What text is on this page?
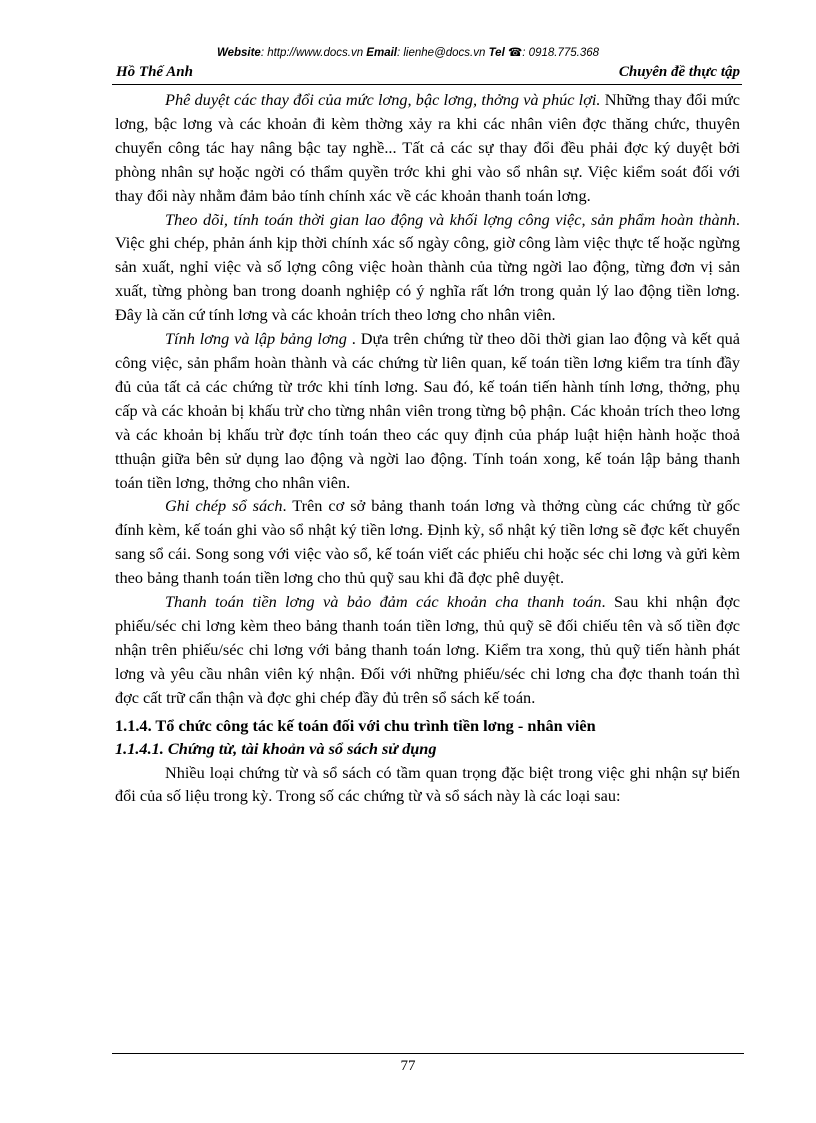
Website: http://www.docs.vn Email: lienhe@docs.vn Tel ☎: 0918.775.368
Hồ Thế Anh	Chuyên đề thực tập

Phê duyệt các thay đổi của mức lơng, bậc lơng, thởng và phúc lợi. Những thay đổi mức lơng, bậc lơng và các khoản đi kèm thờng xảy ra khi các nhân viên đợc thăng chức, thuyên chuyển công tác hay nâng bậc tay nghề... Tất cả các sự thay đổi đều phải đợc ký duyệt bởi phòng nhân sự hoặc ngời có thẩm quyền trớc khi ghi vào sổ nhân sự. Việc kiểm soát đối với thay đổi này nhằm đảm bảo tính chính xác về các khoản thanh toán lơng.

Theo dõi, tính toán thời gian lao động và khối lợng công việc, sản phẩm hoàn thành. Việc ghi chép, phản ánh kịp thời chính xác số ngày công, giờ công làm việc thực tế hoặc ngừng sản xuất, nghỉ việc và số lợng công việc hoàn thành của từng ngời lao động, từng đơn vị sản xuất, từng phòng ban trong doanh nghiệp có ý nghĩa rất lớn trong quản lý lao động tiền lơng. Đây là căn cứ tính lơng và các khoản trích theo lơng cho nhân viên.

Tính lơng và lập bảng lơng . Dựa trên chứng từ theo dõi thời gian lao động và kết quả công việc, sản phẩm hoàn thành và các chứng từ liên quan, kế toán tiền lơng kiểm tra tính đầy đủ của tất cả các chứng từ trớc khi tính lơng. Sau đó, kế toán tiến hành tính lơng, thởng, phụ cấp và các khoản bị khấu trừ cho từng nhân viên trong từng bộ phận. Các khoản trích theo lơng và các khoản bị khấu trừ đợc tính toán theo các quy định của pháp luật hiện hành hoặc thoả tthuận giữa bên sử dụng lao động và ngời lao động. Tính toán xong, kế toán lập bảng thanh toán tiền lơng, thởng cho nhân viên.

Ghi chép sổ sách. Trên cơ sở bảng thanh toán lơng và thởng cùng các chứng từ gốc đính kèm, kế toán ghi vào sổ nhật ký tiền lơng. Định kỳ, sổ nhật ký tiền lơng sẽ đợc kết chuyển sang sổ cái. Song song với việc vào sổ, kế toán viết các phiếu chi hoặc séc chi lơng và gửi kèm theo bảng thanh toán tiền lơng cho thủ quỹ sau khi đã đợc phê duyệt.

Thanh toán tiền lơng và bảo đảm các khoản cha thanh toán. Sau khi nhận đợc phiếu/séc chi lơng kèm theo bảng thanh toán tiền lơng, thủ quỹ sẽ đối chiếu tên và số tiền đợc nhận trên phiếu/séc chi lơng với bảng thanh toán lơng. Kiểm tra xong, thủ quỹ tiến hành phát lơng và yêu cầu nhân viên ký nhận. Đối với những phiếu/séc chi lơng cha đợc thanh toán thì đợc cất trữ cẩn thận và đợc ghi chép đầy đủ trên sổ sách kế toán.

1.1.4. Tổ chức công tác kế toán đối với chu trình tiền lơng - nhân viên
1.1.4.1. Chứng từ, tài khoản và sổ sách sử dụng

Nhiều loại chứng từ và sổ sách có tầm quan trọng đặc biệt trong việc ghi nhận sự biến đổi của số liệu trong kỳ. Trong số các chứng từ và sổ sách này là các loại sau:

77
